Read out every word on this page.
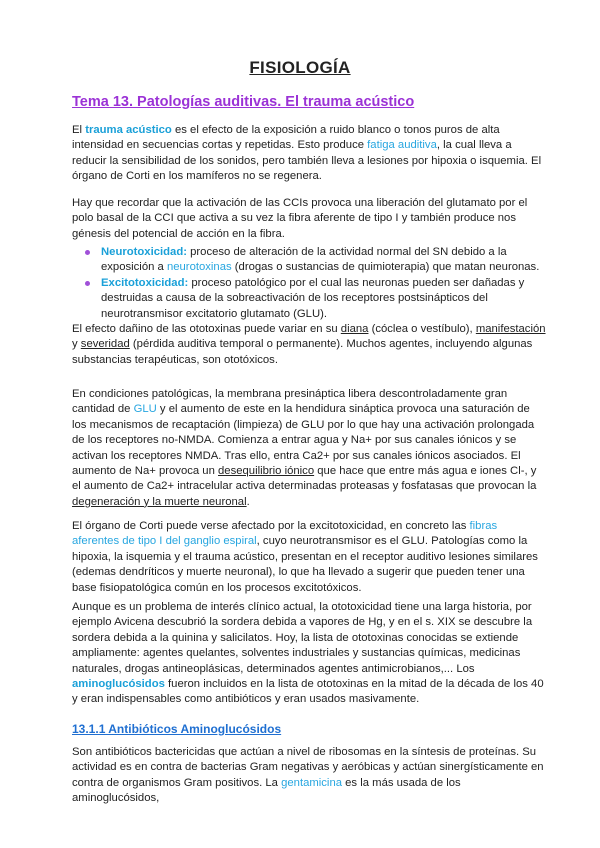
FISIOLOGÍA
Tema 13. Patologías auditivas. El trauma acústico

El trauma acústico es el efecto de la exposición a ruido blanco o tonos puros de alta intensidad en secuencias cortas y repetidas. Esto produce fatiga auditiva, la cual lleva a reducir la sensibilidad de los sonidos, pero también lleva a lesiones por hipoxia o isquemia. El órgano de Corti en los mamíferos no se regenera.

Hay que recordar que la activación de las CCIs provoca una liberación del glutamato por el polo basal de la CCI que activa a su vez la fibra aferente de tipo I y también produce nos génesis del potencial de acción en la fibra.

Neurotoxicidad: proceso de alteración de la actividad normal del SN debido a la exposición a neurotoxinas (drogas o sustancias de quimioterapia) que matan neuronas.
Excitotoxicidad: proceso patológico por el cual las neuronas pueden ser dañadas y destruidas a causa de la sobreactivación de los receptores postsinápticos del neurotransmisor excitatorio glutamato (GLU).

El efecto dañino de las ototoxinas puede variar en su diana (cóclea o vestíbulo), manifestación y severidad (pérdida auditiva temporal o permanente). Muchos agentes, incluyendo algunas substancias terapéuticas, son ototóxicos.

En condiciones patológicas, la membrana presináptica libera descontroladamente gran cantidad de GLU y el aumento de este en la hendidura sináptica provoca una saturación de los mecanismos de recaptación (limpieza) de GLU por lo que hay una activación prolongada de los receptores no-NMDA. Comienza a entrar agua y Na+ por sus canales iónicos y se activan los receptores NMDA. Tras ello, entra Ca2+ por sus canales iónicos asociados. El aumento de Na+ provoca un desequilibrio iónico que hace que entre más agua e iones Cl-, y el aumento de Ca2+ intracelular activa determinadas proteasas y fosfatasas que provocan la degeneración y la muerte neuronal.

El órgano de Corti puede verse afectado por la excitotoxicidad, en concreto las fibras aferentes de tipo I del ganglio espiral, cuyo neurotransmisor es el GLU. Patologías como la hipoxia, la isquemia y el trauma acústico, presentan en el receptor auditivo lesiones similares (edemas dendríticos y muerte neuronal), lo que ha llevado a sugerir que pueden tener una base fisiopatológica común en los procesos excitotóxicos.

Aunque es un problema de interés clínico actual, la ototoxicidad tiene una larga historia, por ejemplo Avicena descubrió la sordera debida a vapores de Hg, y en el s. XIX se descubre la sordera debida a la quinina y salicilatos. Hoy, la lista de ototoxinas conocidas se extiende ampliamente: agentes quelantes, solventes industriales y sustancias químicas, medicinas naturales, drogas antineoplásicas, determinados agentes antimicrobianos,... Los aminoglucósidos fueron incluidos en la lista de ototoxinas en la mitad de la década de los 40 y eran indispensables como antibióticos y eran usados masivamente.

13.1.1 Antibióticos Aminoglucósidos

Son antibióticos bactericidas que actúan a nivel de ribosomas en la síntesis de proteínas. Su actividad es en contra de bacterias Gram negativas y aeróbicas y actúan sinergísticamente en contra de organismos Gram positivos. La gentamicina es la más usada de los aminoglucósidos,
